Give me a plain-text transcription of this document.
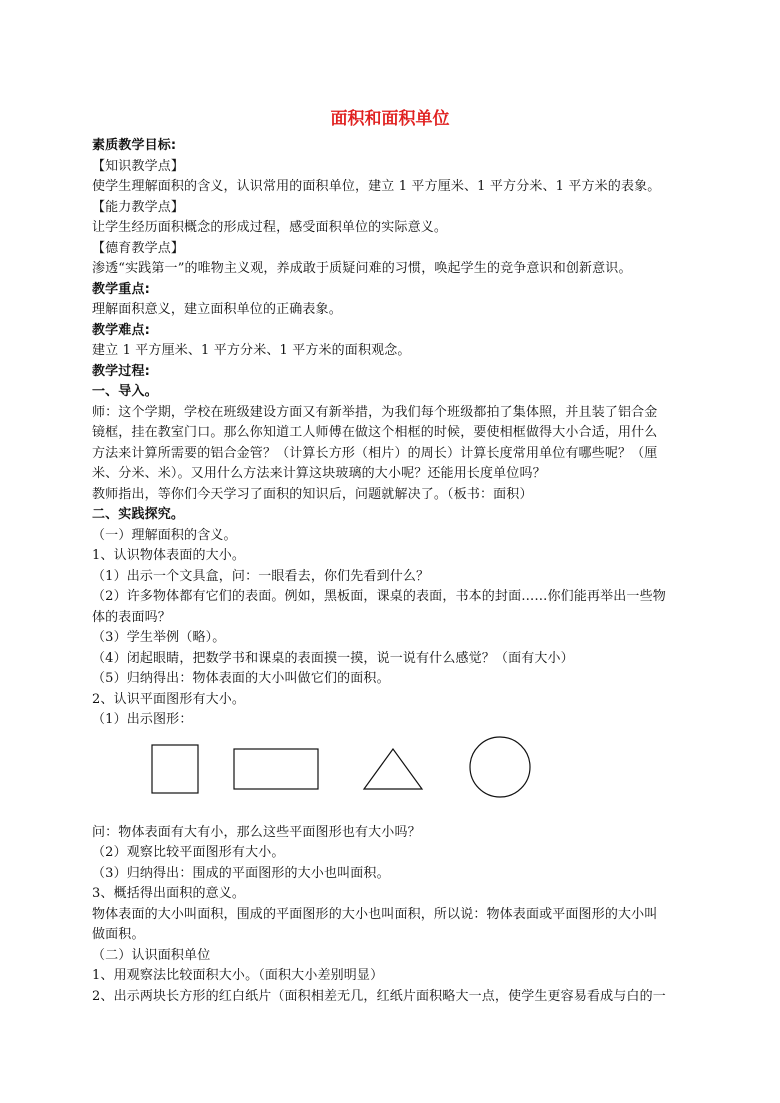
面积和面积单位
素质教学目标:
【知识教学点】
使学生理解面积的含义，认识常用的面积单位，建立 1 平方厘米、1 平方分米、1 平方米的表象。
【能力教学点】
让学生经历面积概念的形成过程，感受面积单位的实际意义。
【德育教学点】
渗透“实践第一”的唯物主义观，养成敢于质疑问难的习惯，唤起学生的竞争意识和创新意识。
教学重点:
理解面积意义，建立面积单位的正确表象。
教学难点:
建立 1 平方厘米、1 平方分米、1 平方米的面积观念。
教学过程:
一、导入。
师：这个学期，学校在班级建设方面又有新举措，为我们每个班级都拍了集体照，并且装了铝合金
镜框，挂在教室门口。那么你知道工人师傅在做这个相框的时候，要使相框做得大小合适，用什么
方法来计算所需要的铝合金管？（计算长方形（相片）的周长）计算长度常用单位有哪些呢？（厘
米、分米、米）。又用什么方法来计算这块玻璃的大小呢？还能用长度单位吗？
教师指出，等你们今天学习了面积的知识后，问题就解决了。（板书：面积）
二、实践探究。
（一）理解面积的含义。
1、认识物体表面的大小。
（1）出示一个文具盒，问：一眼看去，你们先看到什么？
（2）许多物体都有它们的表面。例如，黑板面，课桌的表面，书本的封面……你们能再举出一些物
体的表面吗？
（3）学生举例（略）。
（4）闭起眼睛，把数学书和课桌的表面摸一摸，说一说有什么感觉？（面有大小）
（5）归纳得出：物体表面的大小叫做它们的面积。
2、认识平面图形有大小。
（1）出示图形：
问：物体表面有大有小，那么这些平面图形也有大小吗？
（2）观察比较平面图形有大小。
（3）归纳得出：围成的平面图形的大小也叫面积。
3、概括得出面积的意义。
物体表面的大小叫面积，围成的平面图形的大小也叫面积，所以说：物体表面或平面图形的大小叫
做面积。
（二）认识面积单位
1、用观察法比较面积大小。（面积大小差别明显）
2、出示两块长方形的红白纸片（面积相差无几，红纸片面积略大一点，使学生更容易看成与白的一
